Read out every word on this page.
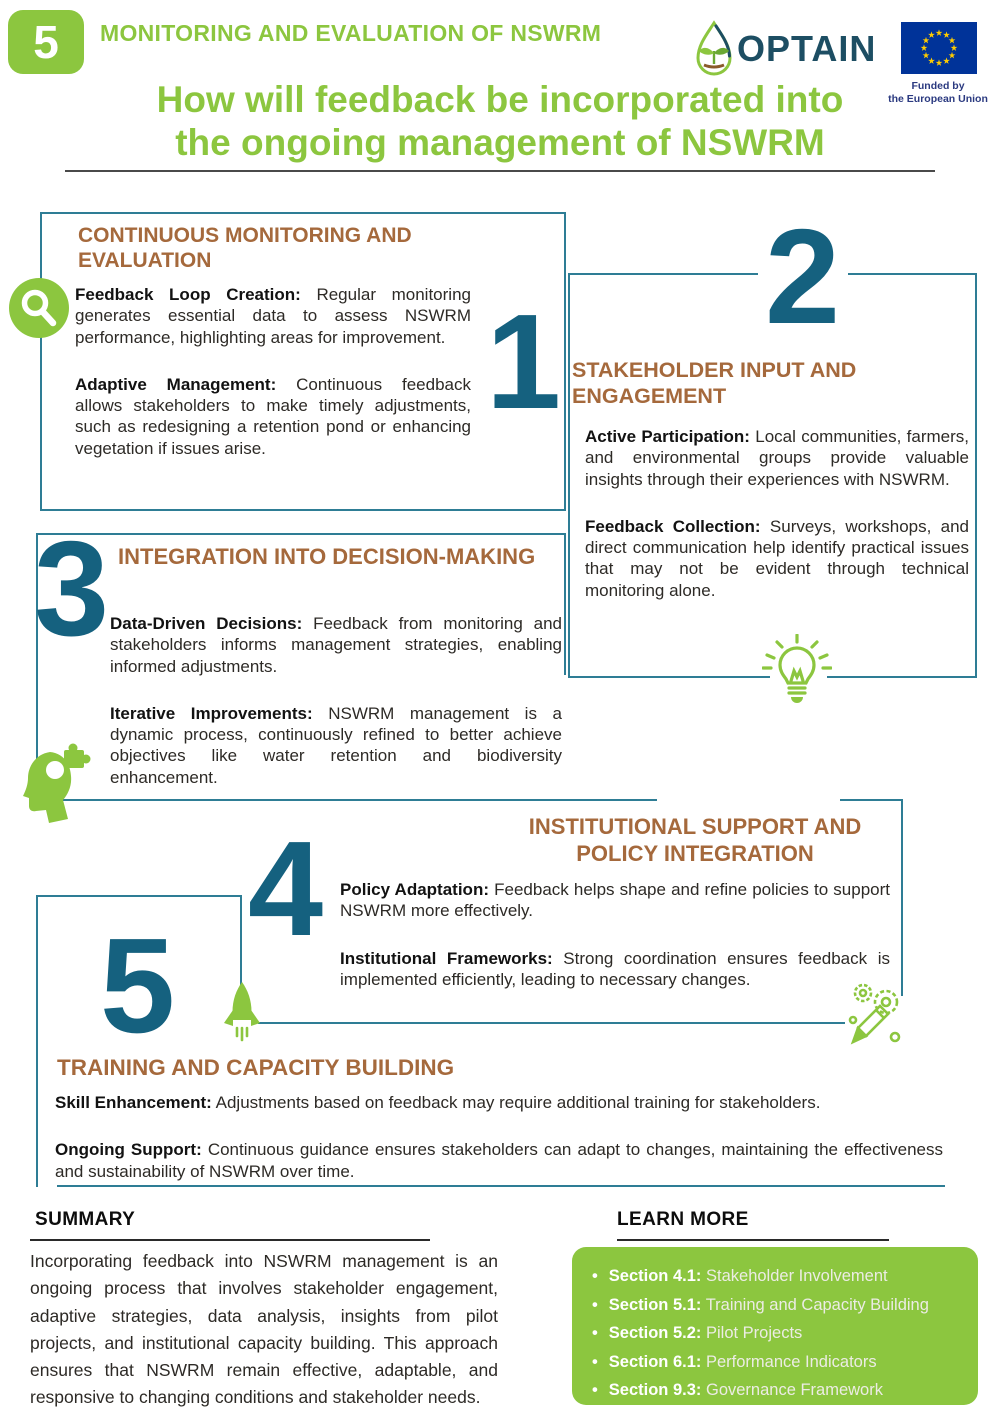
5	MONITORING AND EVALUATION OF NSWRM	OPTAIN
Funded by
the European Union
How will feedback be incorporated into
the ongoing management of NSWRM
1
2
3
4
5
CONTINUOUS MONITORING AND EVALUATION

Feedback Loop Creation: Regular monitoring generates essential data to assess NSWRM performance, highlighting areas for improvement.

Adaptive Management: Continuous feedback allows stakeholders to make timely adjustments, such as redesigning a retention pond or enhancing vegetation if issues arise.

STAKEHOLDER INPUT AND ENGAGEMENT

Active Participation: Local communities, farmers, and environmental groups provide valuable insights through their experiences with NSWRM.

Feedback Collection: Surveys, workshops, and direct communication help identify practical issues that may not be evident through technical monitoring alone.

INTEGRATION INTO DECISION-MAKING

Data-Driven Decisions: Feedback from monitoring and stakeholders informs management strategies, enabling informed adjustments.

Iterative Improvements: NSWRM management is a dynamic process, continuously refined to better achieve objectives like water retention and biodiversity enhancement.

INSTITUTIONAL SUPPORT AND POLICY INTEGRATION

Policy Adaptation: Feedback helps shape and refine policies to support NSWRM more effectively.

Institutional Frameworks: Strong coordination ensures feedback is implemented efficiently, leading to necessary changes.

TRAINING AND CAPACITY BUILDING

Skill Enhancement: Adjustments based on feedback may require additional training for stakeholders.

Ongoing Support: Continuous guidance ensures stakeholders can adapt to changes, maintaining the effectiveness and sustainability of NSWRM over time.

SUMMARY
Incorporating feedback into NSWRM management is an ongoing process that involves stakeholder engagement, adaptive strategies, data analysis, insights from pilot projects, and institutional capacity building. This approach ensures that NSWRM remain effective, adaptable, and responsive to changing conditions and stakeholder needs.
LEARN MORE
• Section 4.1: Stakeholder Involvement
• Section 5.1: Training and Capacity Building
• Section 5.2: Pilot Projects
• Section 6.1: Performance Indicators
• Section 9.3: Governance Framework
